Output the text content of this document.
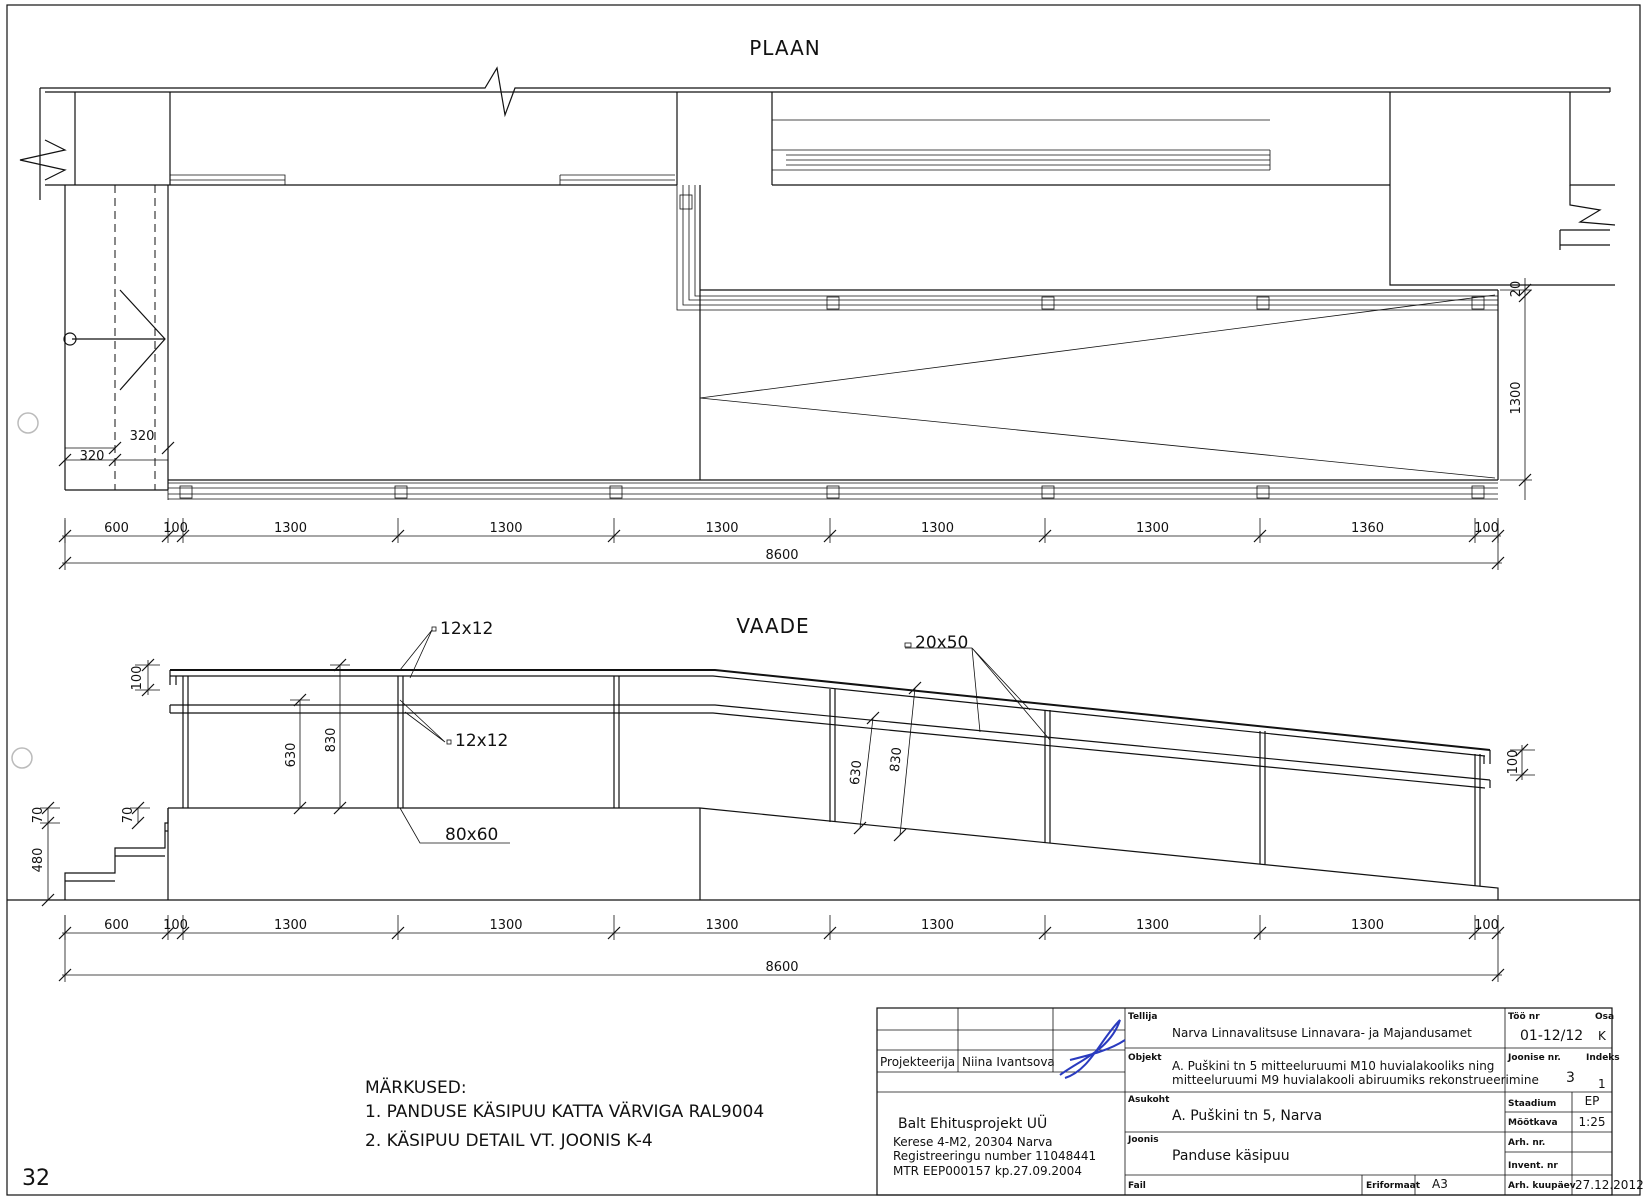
PLAAN
320
320
20
1300
600	100	1300	1300	1300	1300	1300	1360	100
8600
VAADE
100
630
830
630 830
70	70
480
100
12x12
12x12
80x60
20x50
600	100	1300	1300	1300	1300	1300	1300	100
8600
MÄRKUSED:
1. PANDUSE KÄSIPUU KATTA VÄRVIGA RAL9004
2. KÄSIPUU DETAIL VT. JOONIS K-4
32
Projekteerija Niina Ivantsova
Balt Ehitusprojekt UÜ
Kerese 4-M2, 20304 Narva
Registreeringu number 11048441
MTR EEP000157 kp.27.09.2004
Tellija
Narva Linnavalitsuse Linnavara- ja Majandusamet
Objekt
A. Puškini tn 5 mitteeluruumi M10 huvialakooliks ning
mitteeluruumi M9 huvialakooli abiruumiks rekonstrueerimine
Asukoht
A. Puškini tn 5, Narva
Joonis
Panduse käsipuu
Fail	Eriformaat A3
Töö nr
01-12/12
Osa
K
Joonise nr.
3
Indeks
1
Staadium EP
Mõõtkava 1:25
Arh. nr.
Invent. nr
Arh. kuupäev 27.12.2012
